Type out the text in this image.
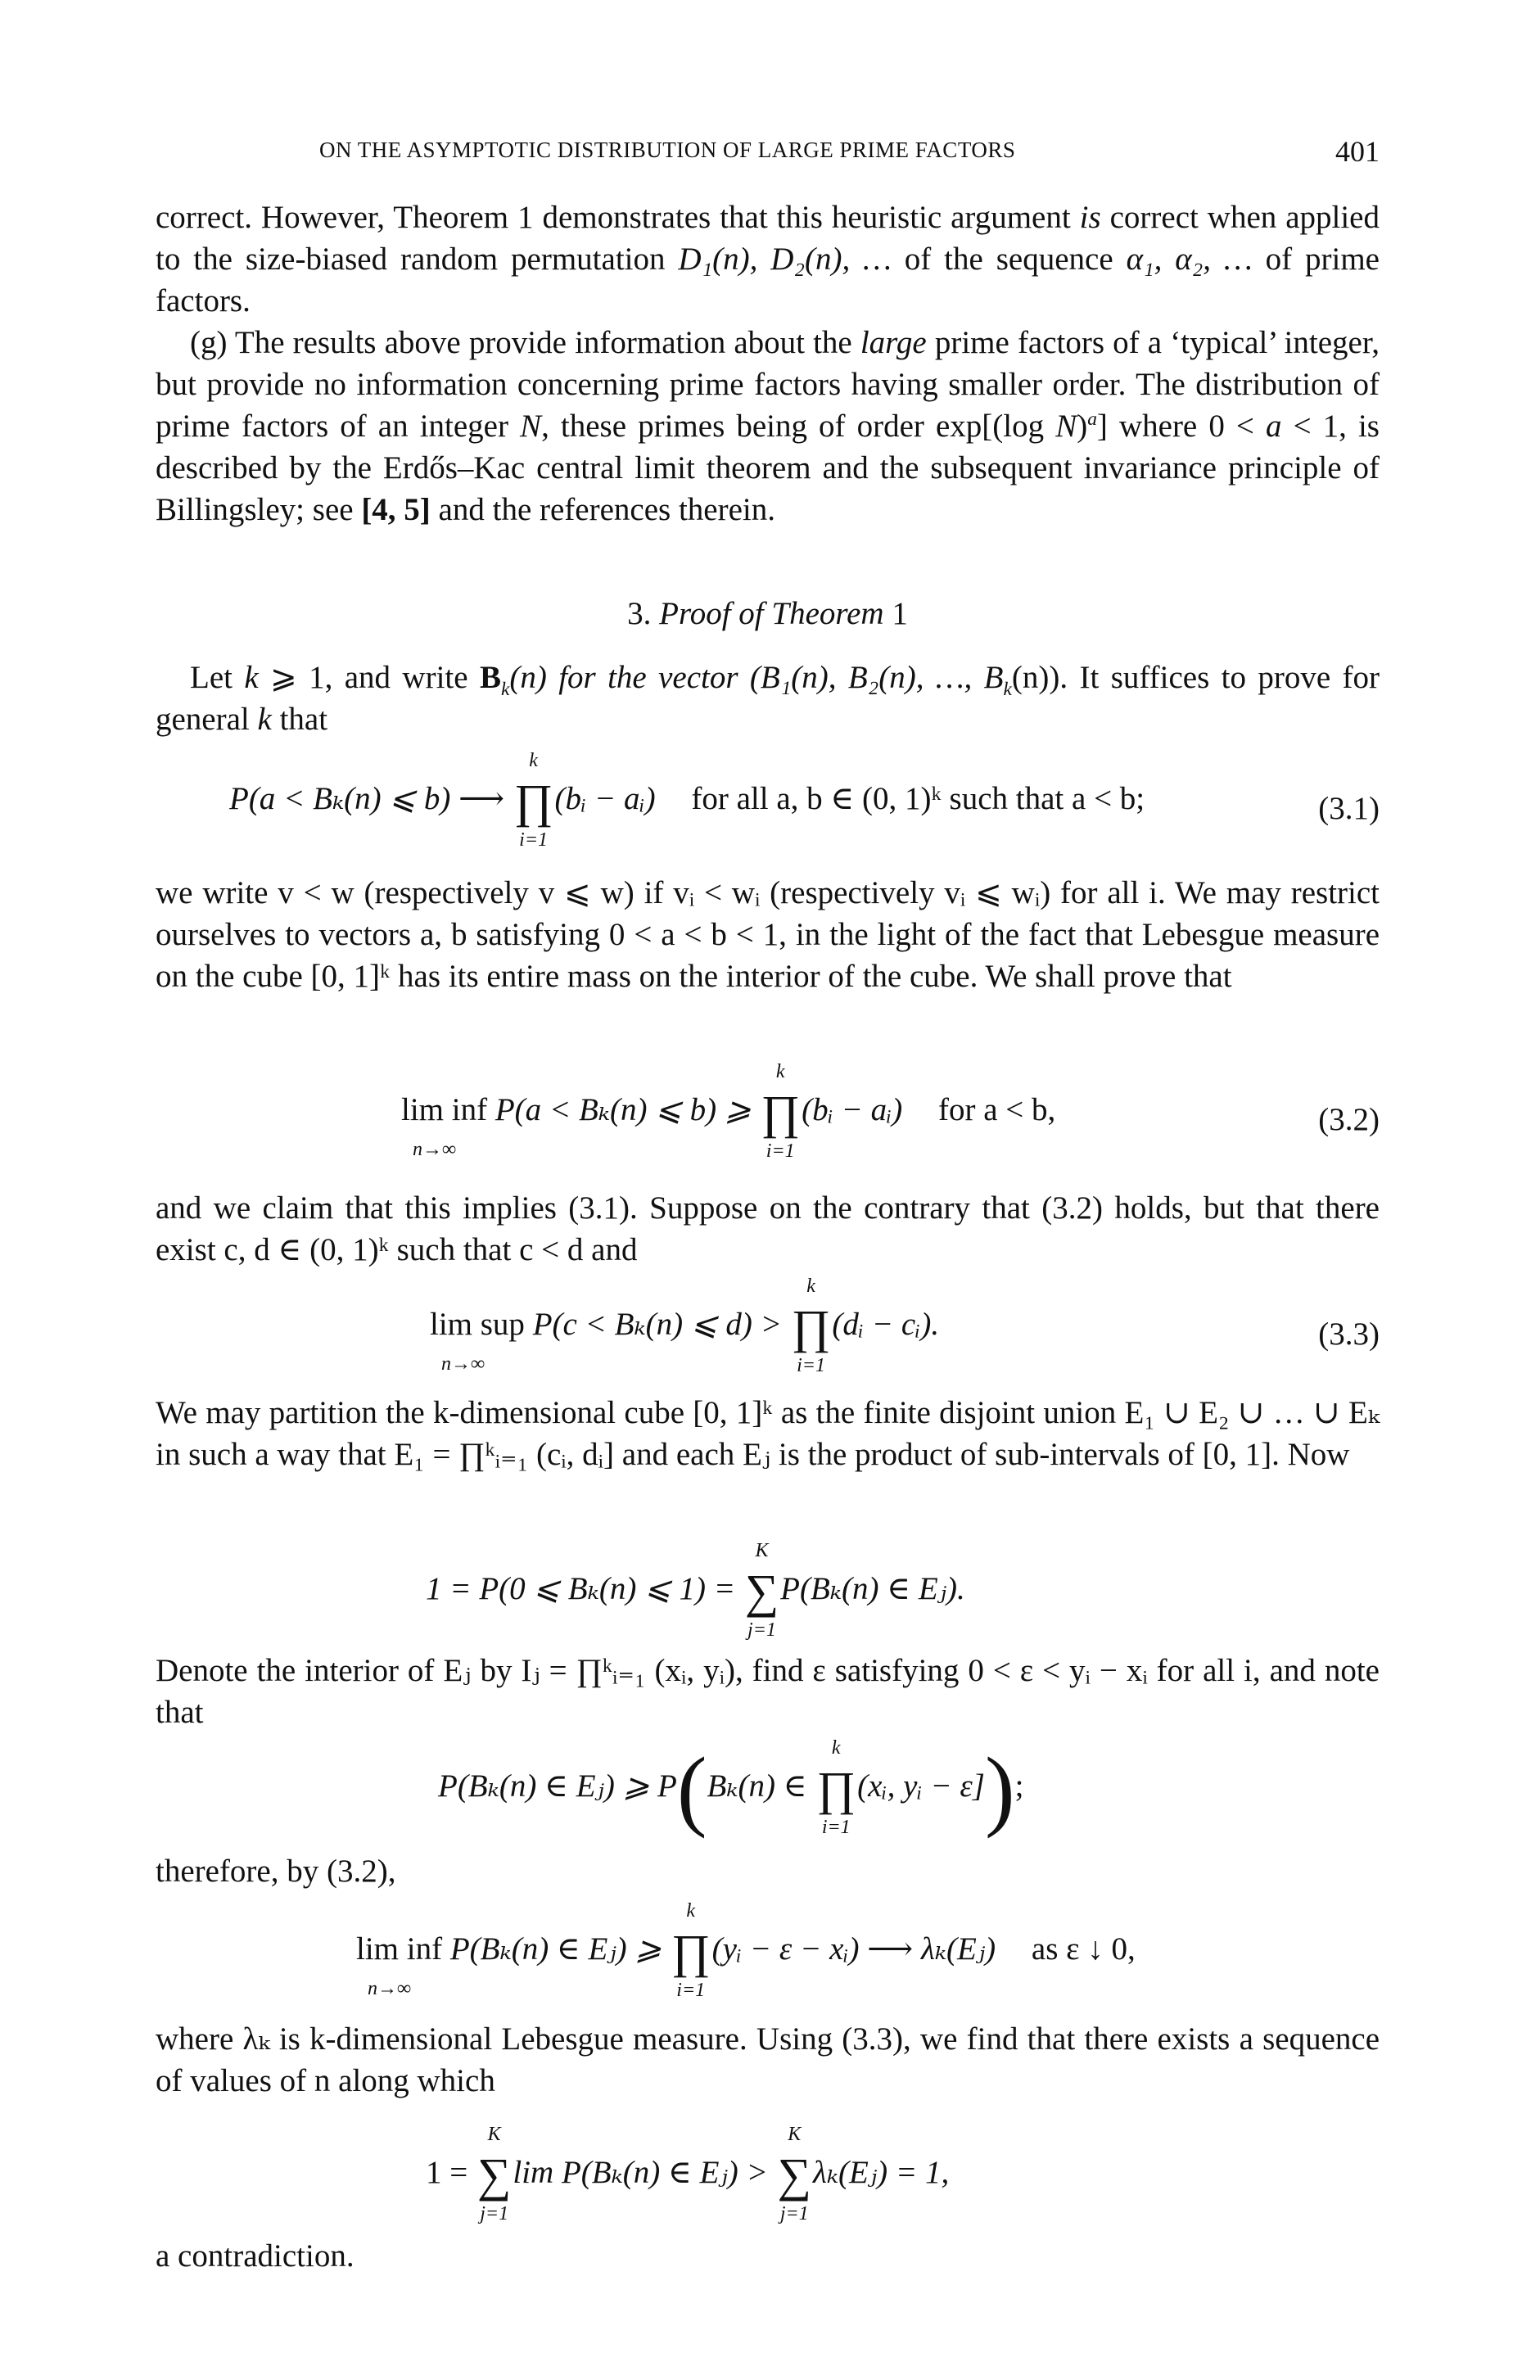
ON THE ASYMPTOTIC DISTRIBUTION OF LARGE PRIME FACTORS	401
correct. However, Theorem 1 demonstrates that this heuristic argument is correct when applied to the size-biased random permutation D₁(n), D₂(n), … of the sequence α₁, α₂, … of prime factors.
(g) The results above provide information about the large prime factors of a ‘typical’ integer, but provide no information concerning prime factors having smaller order. The distribution of prime factors of an integer N, these primes being of order exp[(log N)$^a$] where 0 < a < 1, is described by the Erdős–Kac central limit theorem and the subsequent invariance principle of Billingsley; see [4, 5] and the references therein.
3. Proof of Theorem 1
Let k ⩾ 1, and write $B_k(n)$ for the vector (B₁(n), B₂(n), …, $B_k(n)$). It suffices to prove for general k that
P(a < Bₖ(n) ⩽ b) ⟶
k
∏
i=1
(bᵢ − aᵢ) for all a, b ∈ (0, 1)ᵏ such that a < b;	(3.1)
we write v < w (respectively v ⩽ w) if vᵢ < wᵢ (respectively vᵢ ⩽ wᵢ) for all i. We may restrict ourselves to vectors a, b satisfying 0 < a < b < 1, in the light of the fact that Lebesgue measure on the cube [0, 1]ᵏ has its entire mass on the interior of the cube. We shall prove that
lim inf
n→∞
P(a < Bₖ(n) ⩽ b) ⩾
k
∏
i=1
(bᵢ − aᵢ) for a < b,	(3.2)
and we claim that this implies (3.1). Suppose on the contrary that (3.2) holds, but that there exist c, d ∈ (0, 1)ᵏ such that c < d and
lim sup
n→∞
P(c < Bₖ(n) ⩽ d) >
k
∏
i=1
(dᵢ − cᵢ).	(3.3)
We may partition the k-dimensional cube [0, 1]ᵏ as the finite disjoint union E₁ ∪ E₂ ∪ … ∪ Eₖ in such a way that E₁ = ∏ᵏᵢ₌₁ (cᵢ, dᵢ] and each Eⱼ is the product of sub-intervals of [0, 1]. Now
1 = P(0 ⩽ Bₖ(n) ⩽ 1) =
K
∑
j=1
P(Bₖ(n) ∈ Eⱼ).
Denote the interior of Eⱼ by Iⱼ = ∏ᵏᵢ₌₁ (xᵢ, yᵢ), find ε satisfying 0 < ε < yᵢ − xᵢ for all i, and note that
P(Bₖ(n) ∈ Eⱼ) ⩾ P(Bₖ(n) ∈
k
∏
i=1
(xᵢ, yᵢ − ε]);
therefore, by (3.2),
lim inf
n→∞
P(Bₖ(n) ∈ Eⱼ) ⩾
k
∏
i=1
(yᵢ − ε − xᵢ) ⟶ λₖ(Eⱼ) as ε ↓ 0,
where λₖ is k-dimensional Lebesgue measure. Using (3.3), we find that there exists a sequence of values of n along which
1 =
K
∑
j=1
lim P(Bₖ(n) ∈ Eⱼ) >
K
∑
j=1
λₖ(Eⱼ) = 1,
a contradiction.
